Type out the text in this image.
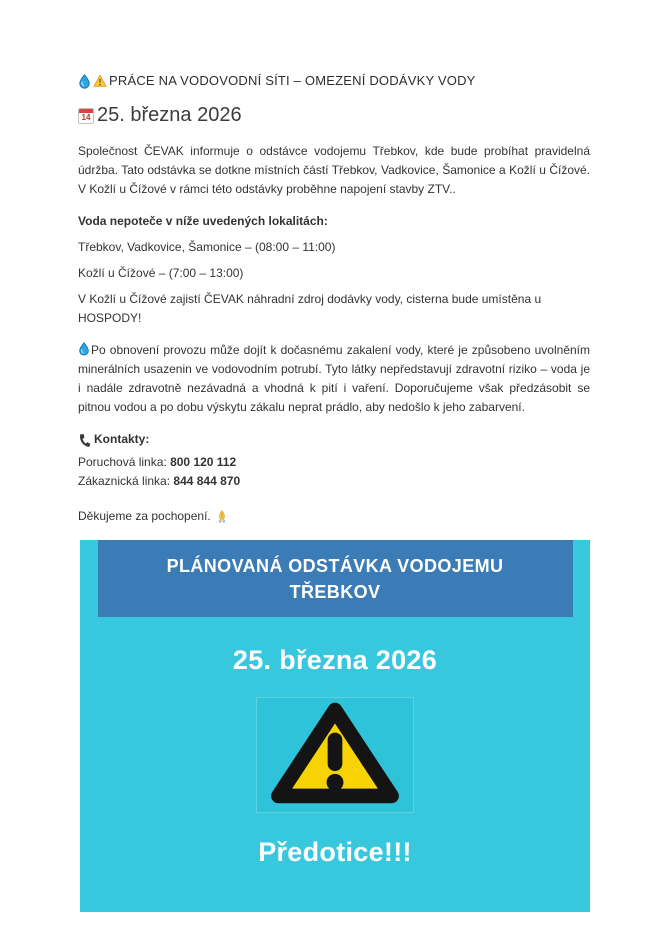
PRÁCE NA VODOVODNÍ SÍTI – OMEZENÍ DODÁVKY VODY
14 25. března 2026

Společnost ČEVAK informuje o odstávce vodojemu Třebkov, kde bude probíhat pravidelná údržba. Tato odstávka se dotkne místních částí Třebkov, Vadkovice, Šamonice a Kožlí u Čížové. V Kožlí u Čížové v rámci této odstávky proběhne napojení stavby ZTV..

Voda nepoteče v níže uvedených lokalitách:

Třebkov, Vadkovice, Šamonice – (08:00 – 11:00)

Kožlí u Čížové – (7:00 – 13:00)

V Kožlí u Čížové zajistí ČEVAK náhradní zdroj dodávky vody, cisterna bude umístěna u HOSPODY!

Po obnovení provozu může dojít k dočasnému zakalení vody, které je způsobeno uvolněním minerálních usazenin ve vodovodním potrubí. Tyto látky nepředstavují zdravotní riziko – voda je i nadále zdravotně nezávadná a vhodná k pití i vaření. Doporučujeme však předzásobit se pitnou vodou a po dobu výskytu zákalu neprat prádlo, aby nedošlo k jeho zabarvení.

Kontakty:

Poruchová linka: 800 120 112

Zákaznická linka: 844 844 870

Děkujeme za pochopení.

PLÁNOVANÁ ODSTÁVKA VODOJEMU TŘEBKOV
25. března 2026
Předotice!!!
